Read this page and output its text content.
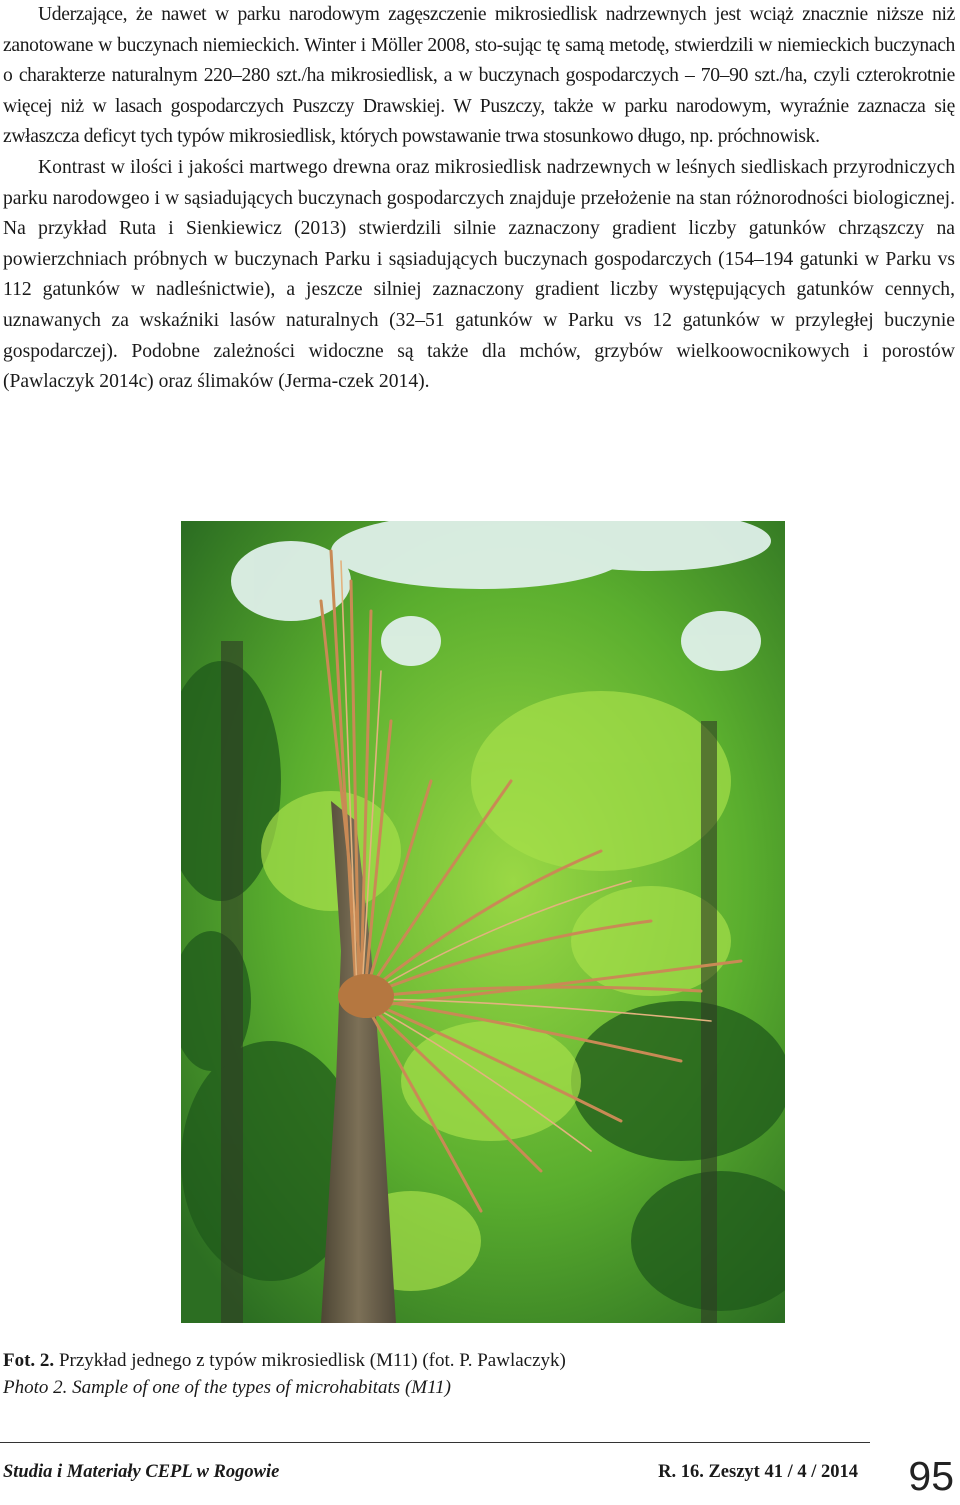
Uderzające, że nawet w parku narodowym zagęszczenie mikrosiedlisk nadrzewnych jest wciąż znacznie niższe niż zanotowane w buczynach niemieckich. Winter i Möller 2008, sto-sując tę samą metodę, stwierdzili w niemieckich buczynach o charakterze naturalnym 220–280 szt./ha mikrosiedlisk, a w buczynach gospodarczych – 70–90 szt./ha, czyli czterokrotnie więcej niż w lasach gospodarczych Puszczy Drawskiej. W Puszczy, także w parku narodowym, wyraźnie zaznacza się zwłaszcza deficyt tych typów mikrosiedlisk, których powstawanie trwa stosunkowo długo, np. próchnowisk.

Kontrast w ilości i jakości martwego drewna oraz mikrosiedlisk nadrzewnych w leśnych siedliskach przyrodniczych parku narodowgeo i w sąsiadujących buczynach gospodarczych znajduje przełożenie na stan różnorodności biologicznej. Na przykład Ruta i Sienkiewicz (2013) stwierdzili silnie zaznaczony gradient liczby gatunków chrząszczy na powierzchniach próbnych w buczynach Parku i sąsiadujących buczynach gospodarczych (154–194 gatunki w Parku vs 112 gatunków w nadleśnictwie), a jeszcze silniej zaznaczony gradient liczby występujących gatunków cennych, uznawanych za wskaźniki lasów naturalnych (32–51 gatunków w Parku vs 12 gatunków w przyległej buczynie gospodarczej). Podobne zależności widoczne są także dla mchów, grzybów wielkoowocnikowych i porostów (Pawlaczyk 2014c) oraz ślimaków (Jerma-czek 2014).

Fot. 2. Przykład jednego z typów mikrosiedlisk (M11) (fot. P. Pawlaczyk)
Photo 2. Sample of one of the types of microhabitats (M11)
Studia i Materiały CEPL w Rogowie	R. 16. Zeszyt 41 / 4 / 2014 95
